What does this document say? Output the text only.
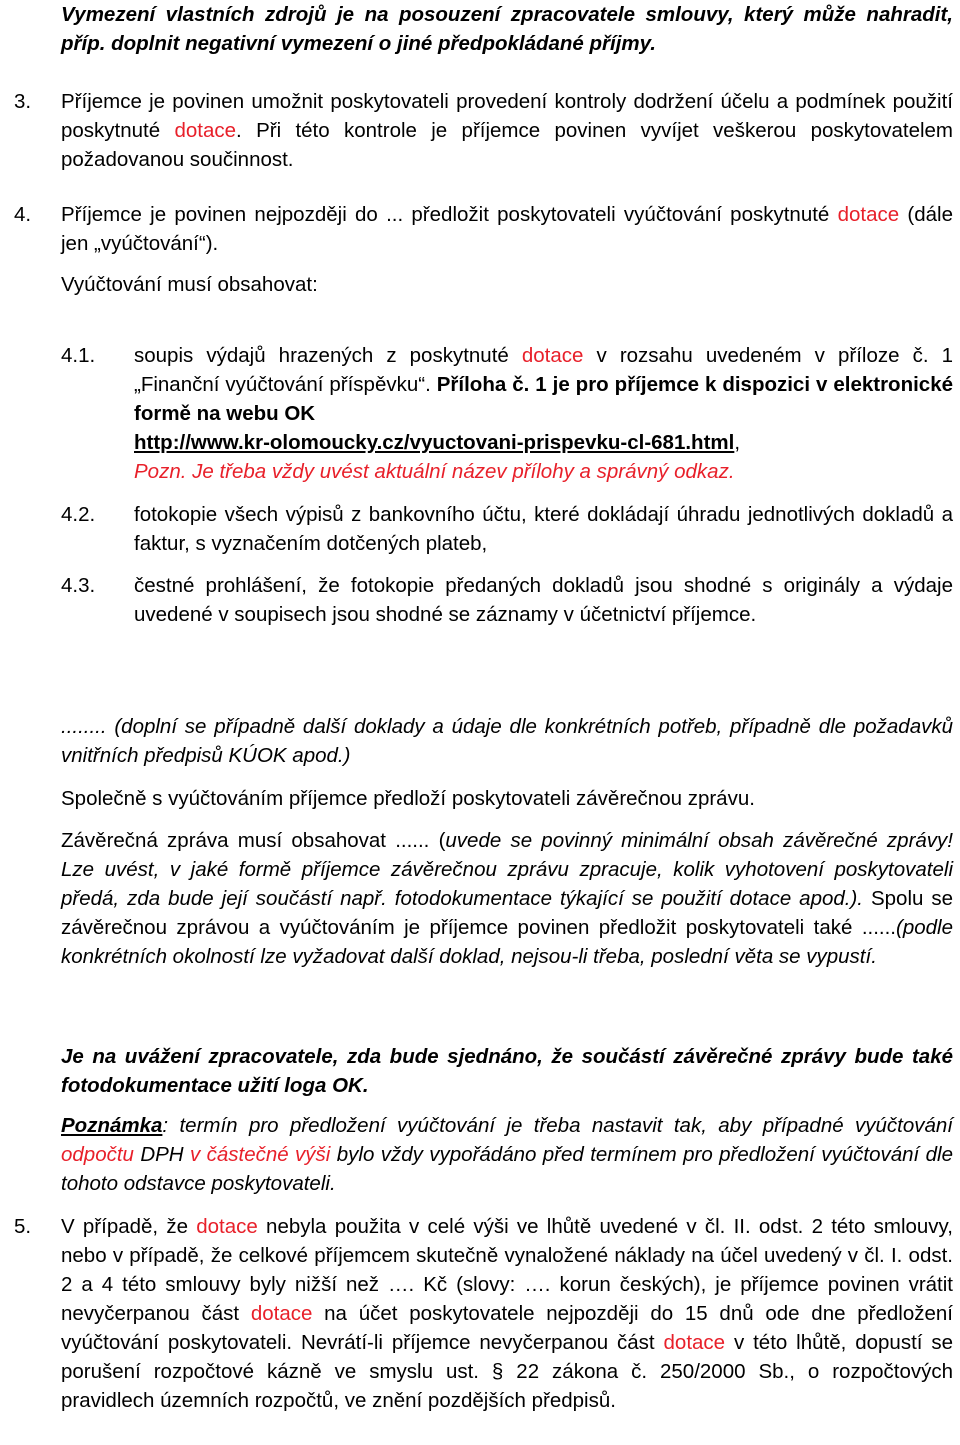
Vymezení vlastních zdrojů je na posouzení zpracovatele smlouvy, který může nahradit, příp. doplnit negativní vymezení o jiné předpokládané příjmy.
3. Příjemce je povinen umožnit poskytovateli provedení kontroly dodržení účelu a podmínek použití poskytnuté dotace. Při této kontrole je příjemce povinen vyvíjet veškerou poskytovatelem požadovanou součinnost.
4. Příjemce je povinen nejpozději do ... předložit poskytovateli vyúčtování poskytnuté dotace (dále jen „vyúčtování“).
Vyúčtování musí obsahovat:
4.1. soupis výdajů hrazených z poskytnuté dotace v rozsahu uvedeném v příloze č. 1 „Finanční vyúčtování příspěvku“. Příloha č. 1 je pro příjemce k dispozici v elektronické formě na webu OK
http://www.kr-olomoucky.cz/vyuctovani-prispevku-cl-681.html,
Pozn. Je třeba vždy uvést aktuální název přílohy a správný odkaz.
4.2. fotokopie všech výpisů z bankovního účtu, které dokládají úhradu jednotlivých dokladů a faktur, s vyznačením dotčených plateb,
4.3. čestné prohlášení, že fotokopie předaných dokladů jsou shodné s originály a výdaje uvedené v soupisech jsou shodné se záznamy v účetnictví příjemce.
........ (doplní se případně další doklady a údaje dle konkrétních potřeb, případně dle požadavků vnitřních předpisů KÚOK apod.)
Společně s vyúčtováním příjemce předloží poskytovateli závěrečnou zprávu.
Závěrečná zpráva musí obsahovat ...... (uvede se povinný minimální obsah závěrečné zprávy! Lze uvést, v jaké formě příjemce závěrečnou zprávu zpracuje, kolik vyhotovení poskytovateli předá, zda bude její součástí např. fotodokumentace týkající se použití dotace apod.). Spolu se závěrečnou zprávou a vyúčtováním je příjemce povinen předložit poskytovateli také ......(podle konkrétních okolností lze vyžadovat další doklad, nejsou-li třeba, poslední věta se vypustí.
Je na uvážení zpracovatele, zda bude sjednáno, že součástí závěrečné zprávy bude také fotodokumentace užití loga OK.
Poznámka: termín pro předložení vyúčtování je třeba nastavit tak, aby případné vyúčtování odpočtu DPH v částečné výši bylo vždy vypořádáno před termínem pro předložení vyúčtování dle tohoto odstavce poskytovateli.
5. V případě, že dotace nebyla použita v celé výši ve lhůtě uvedené v čl. II. odst. 2 této smlouvy, nebo v případě, že celkové příjemcem skutečně vynaložené náklady na účel uvedený v čl. I. odst. 2 a 4 této smlouvy byly nižší než …. Kč (slovy: …. korun českých), je příjemce povinen vrátit nevyčerpanou část dotace na účet poskytovatele nejpozději do 15 dnů ode dne předložení vyúčtování poskytovateli. Nevrátí-li příjemce nevyčerpanou část dotace v této lhůtě, dopustí se porušení rozpočtové kázně ve smyslu ust. § 22 zákona č. 250/2000 Sb., o rozpočtových pravidlech územních rozpočtů, ve znění pozdějších předpisů.
